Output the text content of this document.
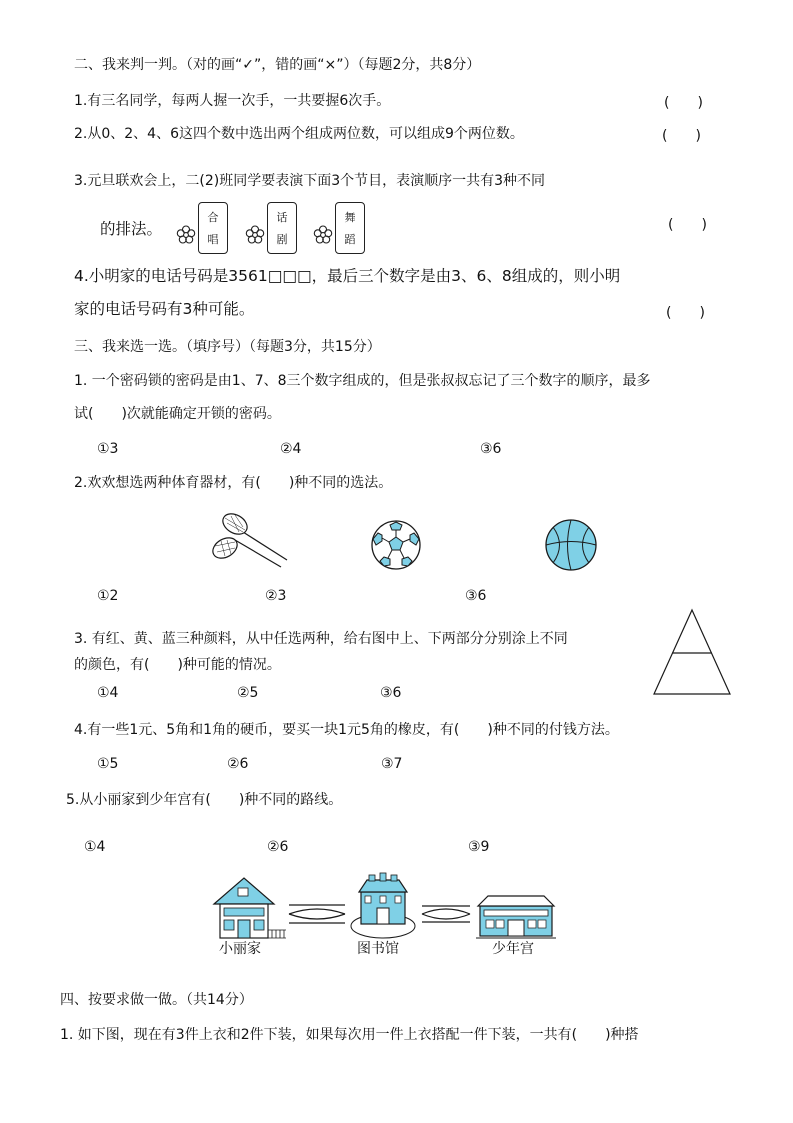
二、我来判一判。（对的画“✓”，错的画“×”）（每题2分，共8分）
1.有三名同学，每两人握一次手，一共要握6次手。	(　　)
2.从0、2、4、6这四个数中选出两个组成两位数，可以组成9个两位数。	(　　)
3.元旦联欢会上，二(2)班同学要表演下面3个节目，表演顺序一共有3种不同
的排法。
合
唱
话
剧
舞
蹈
(　　)
4.小明家的电话号码是3561□□□，最后三个数字是由3、6、8组成的，则小明
家的电话号码有3种可能。	(　　)
三、我来选一选。（填序号）（每题3分，共15分）
1. 一个密码锁的密码是由1、7、8三个数字组成的，但是张叔叔忘记了三个数字的顺序，最多
试(　　)次就能确定开锁的密码。
①3	②4	③6
2.欢欢想选两种体育器材，有(　　)种不同的选法。
①2	②3	③6
3. 有红、黄、蓝三种颜料，从中任选两种，给右图中上、下两部分分别涂上不同
的颜色，有(　　)种可能的情况。
①4	②5	③6
4.有一些1元、5角和1角的硬币，要买一块1元5角的橡皮，有(　　)种不同的付钱方法。
①5	②6	③7
5.从小丽家到少年宫有(　　)种不同的路线。
①4	②6	③9
小丽家	图书馆	少年宫
四、按要求做一做。（共14分）
1. 如下图，现在有3件上衣和2件下装，如果每次用一件上衣搭配一件下装，一共有(　　)种搭
